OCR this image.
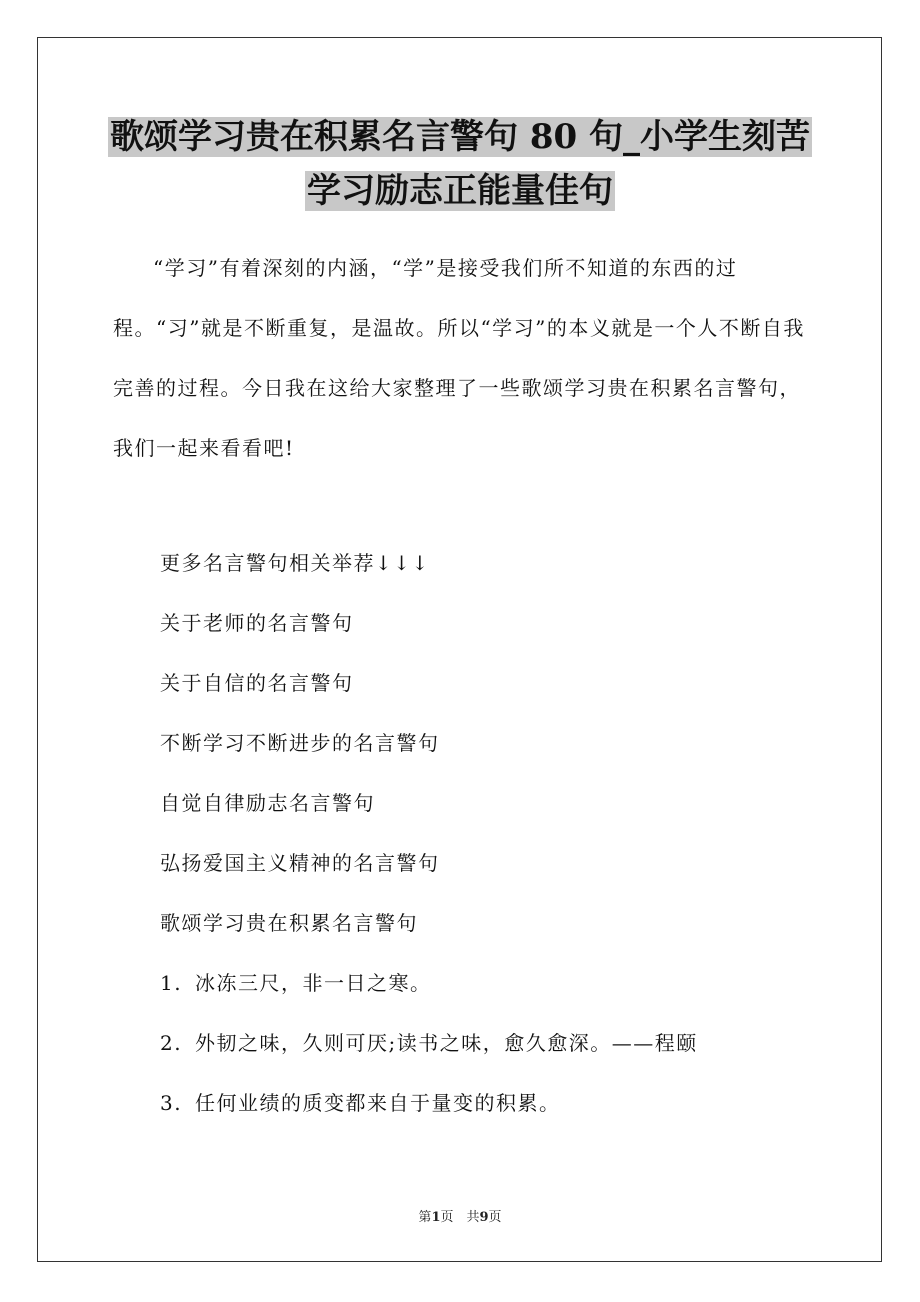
歌颂学习贵在积累名言警句 80 句_小学生刻苦
学习励志正能量佳句

“学习”有着深刻的内涵，“学”是接受我们所不知道的东西的过程。“习”就是不断重复，是温故。所以“学习”的本义就是一个人不断自我完善的过程。今日我在这给大家整理了一些歌颂学习贵在积累名言警句，我们一起来看看吧!

更多名言警句相关举荐↓↓↓
关于老师的名言警句
关于自信的名言警句
不断学习不断进步的名言警句
自觉自律励志名言警句
弘扬爱国主义精神的名言警句
歌颂学习贵在积累名言警句
1. 冰冻三尺，非一日之寒。
2. 外韧之味，久则可厌;读书之味，愈久愈深。——程颐
3. 任何业绩的质变都来自于量变的积累。
第1页　共9页
